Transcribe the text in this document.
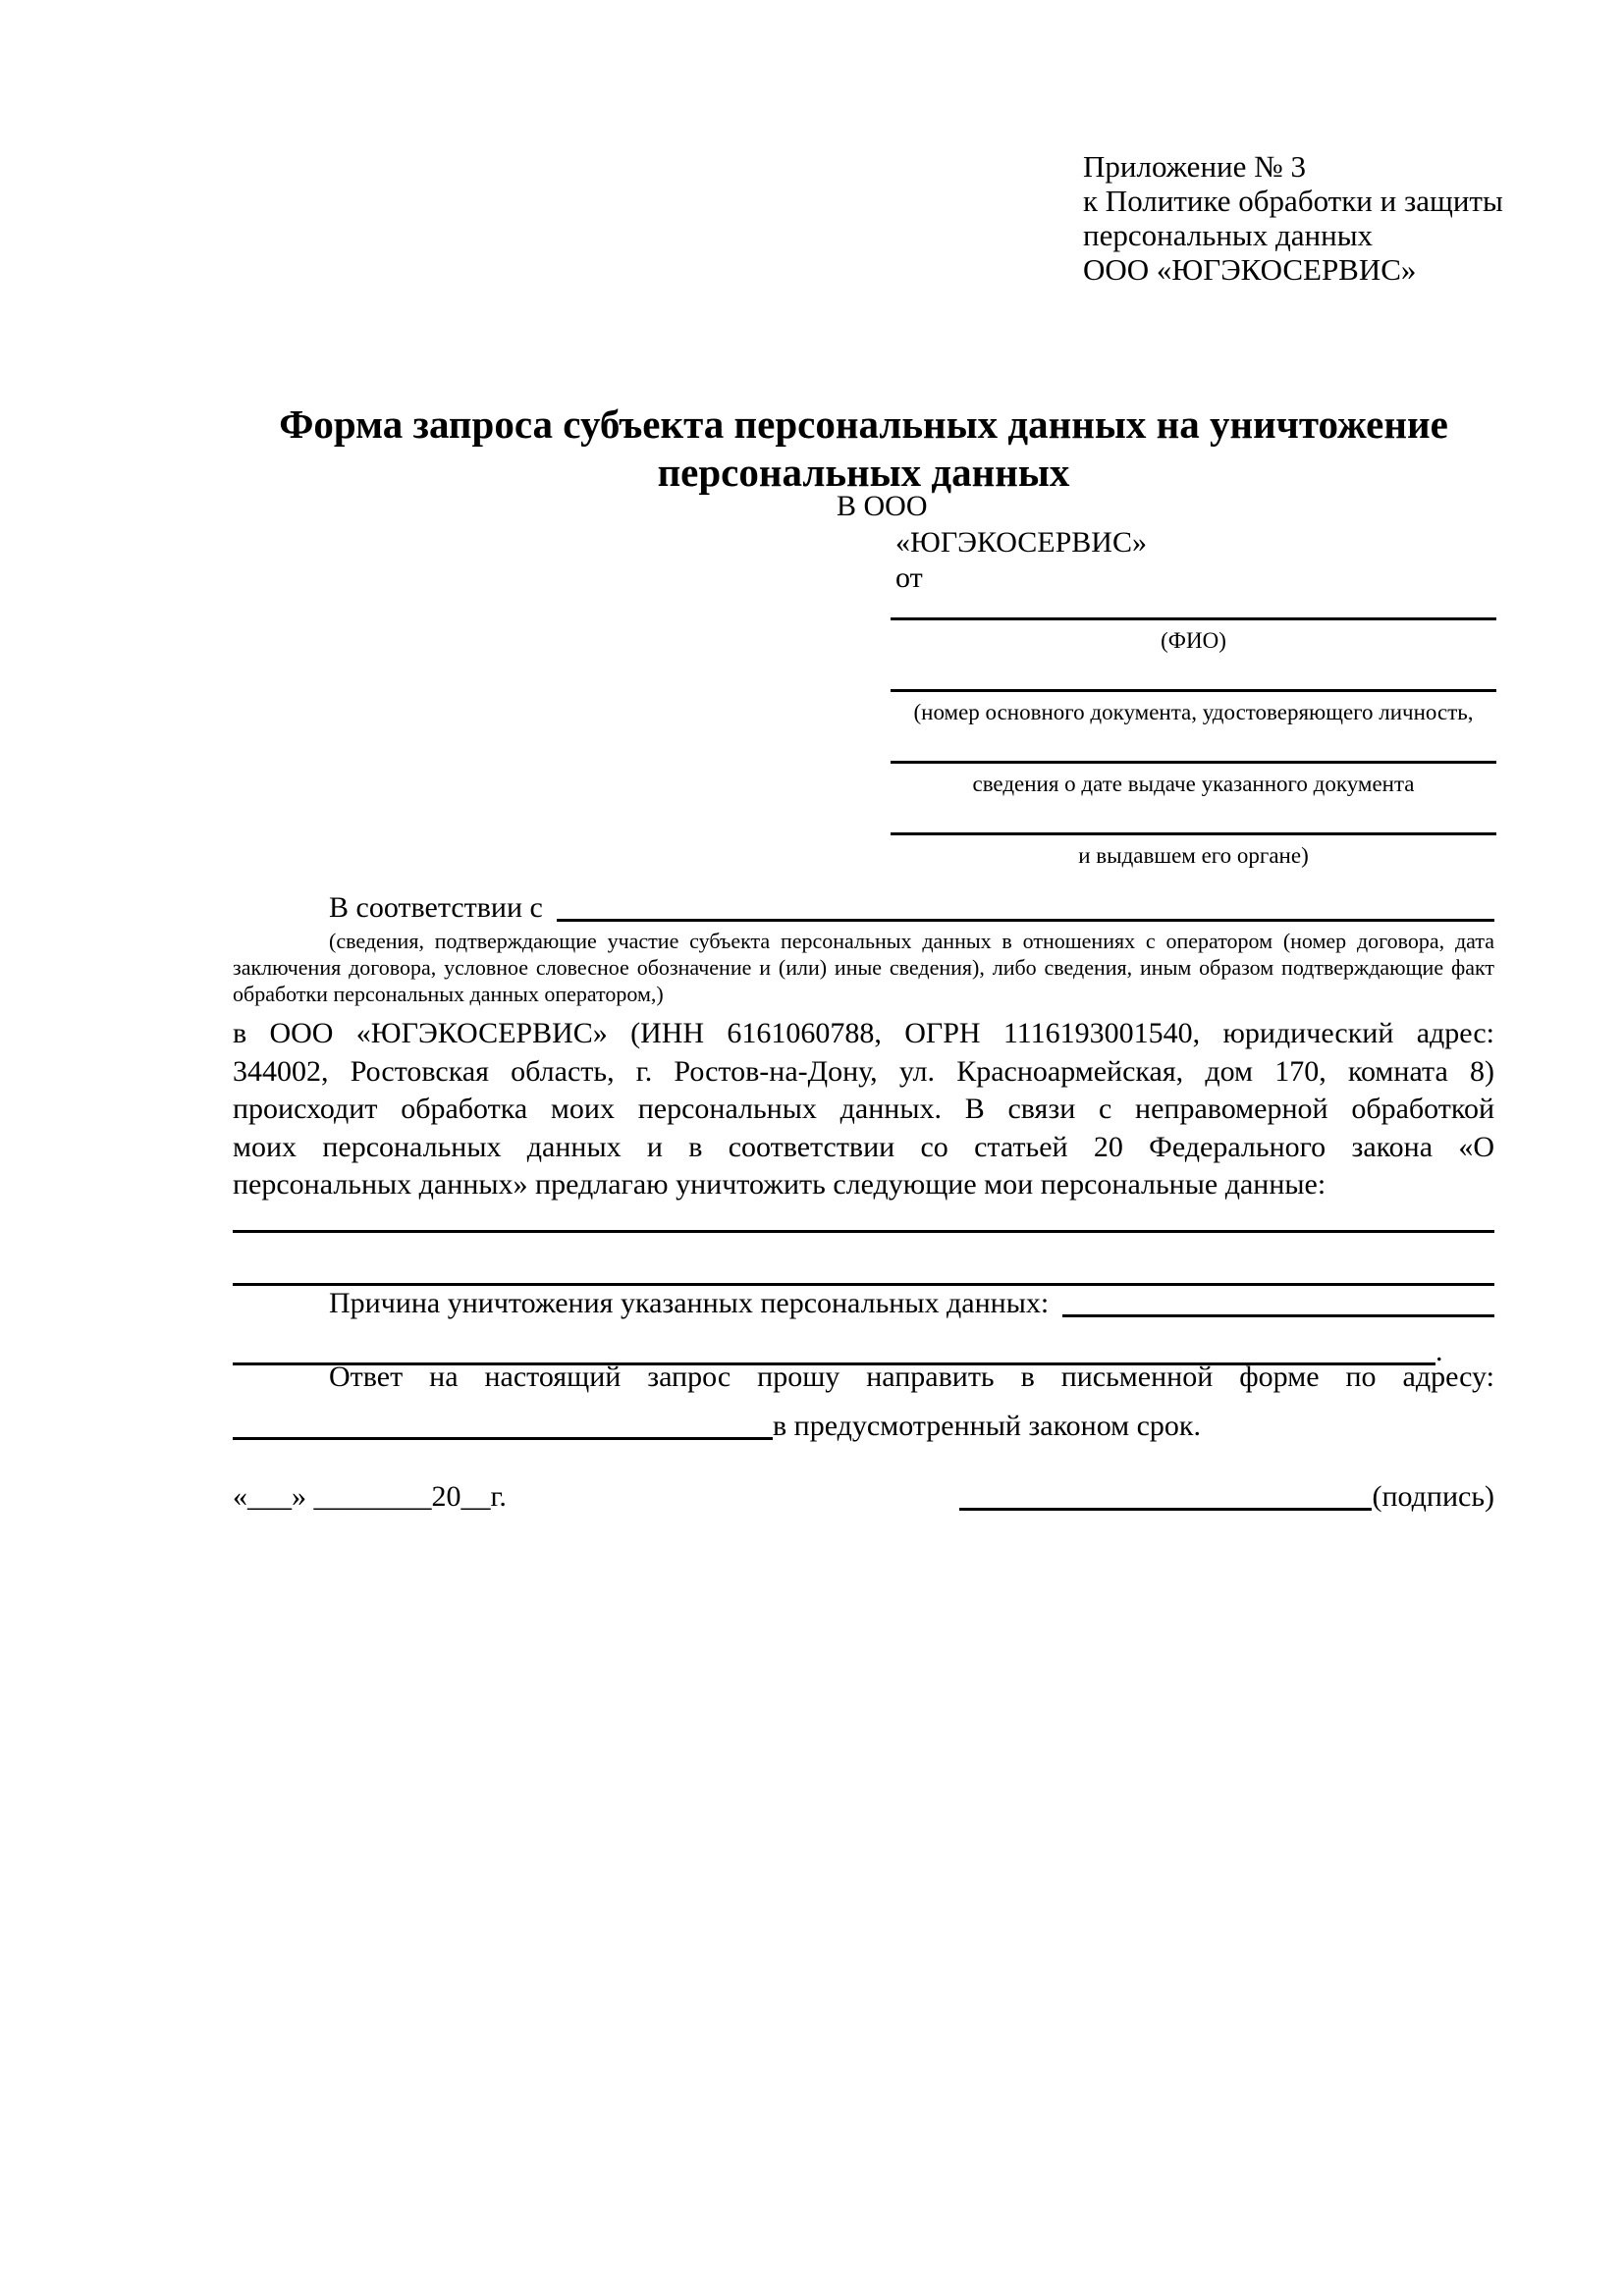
Приложение № 3
к Политике обработки и защиты
персональных данных
ООО «ЮГЭКОСЕРВИС»
Форма запроса субъекта персональных данных на уничтожение
персональных данных
В ООО
«ЮГЭКОСЕРВИС»
от
(ФИО)
(номер основного документа, удостоверяющего личность,
сведения о дате выдаче указанного документа
и выдавшем его органе)
В соответствии с
(сведения, подтверждающие участие субъекта персональных данных в отношениях с оператором (номер договора, дата
заключения договора, условное словесное обозначение и (или) иные сведения), либо сведения, иным образом подтверждающие факт
обработки персональных данных оператором,)
в ООО «ЮГЭКОСЕРВИС» (ИНН 6161060788, ОГРН 1116193001540, юридический адрес:
344002, Ростовская область, г. Ростов-на-Дону, ул. Красноармейская, дом 170, комната 8)
происходит обработка моих персональных данных. В связи с неправомерной обработкой
моих персональных данных и в соответствии со статьей 20 Федерального закона «О
персональных данных» предлагаю уничтожить следующие мои персональные данные:
Причина уничтожения указанных персональных данных:
.
Ответ на настоящий запрос прошу направить в письменной форме по адресу:
в предусмотренный законом срок.
«___» ________20__г.	(подпись)
